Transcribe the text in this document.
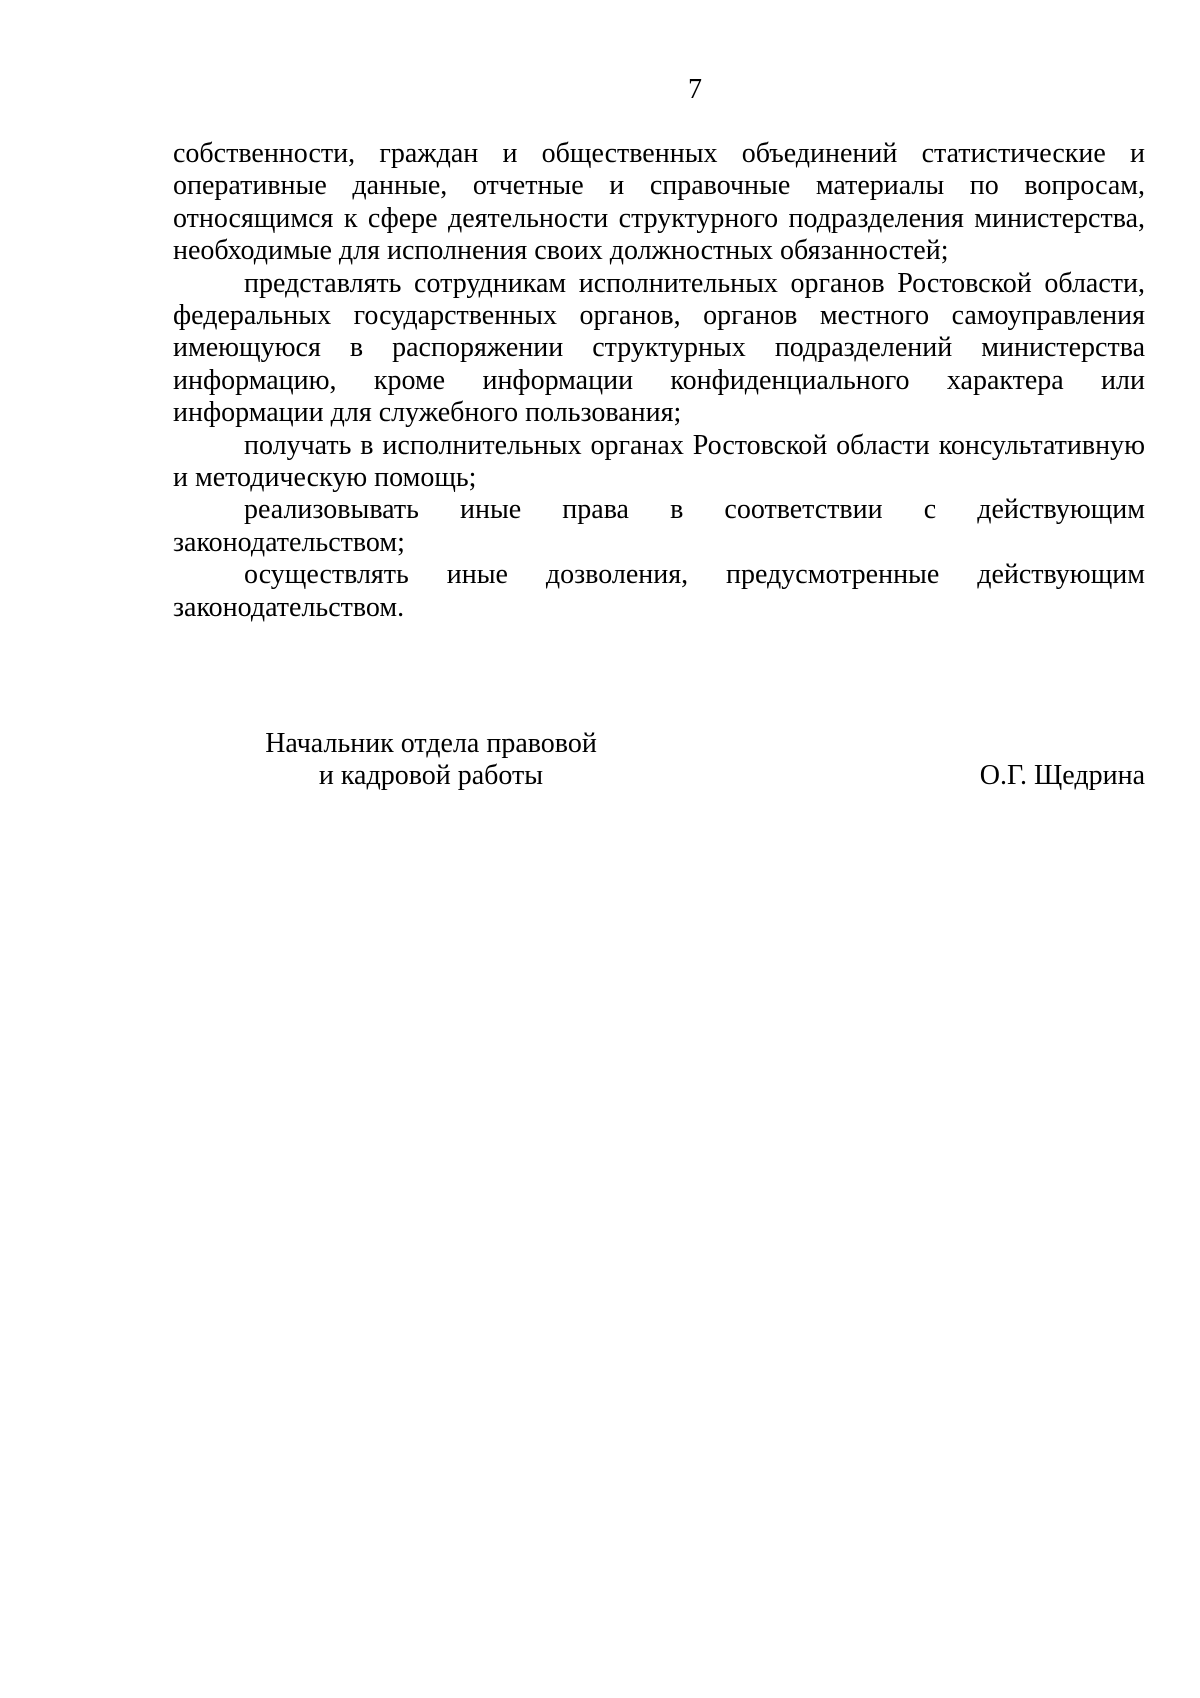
7

собственности, граждан и общественных объединений статистические и оперативные данные, отчетные и справочные материалы по вопросам, относящимся к сфере деятельности структурного подразделения министерства, необходимые для исполнения своих должностных обязанностей;

представлять сотрудникам исполнительных органов Ростовской области, федеральных государственных органов, органов местного самоуправления имеющуюся в распоряжении структурных подразделений министерства информацию, кроме информации конфиденциального характера или информации для служебного пользования;

получать в исполнительных органах Ростовской области консультативную и методическую помощь;

реализовывать иные права в соответствии с действующим законодательством;

осуществлять иные дозволения, предусмотренные действующим законодательством.

Начальник отдела правовой
и кадровой работы	О.Г. Щедрина
